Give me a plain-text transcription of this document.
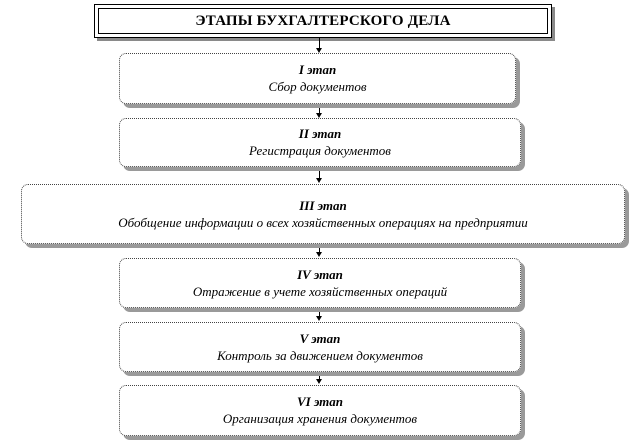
ЭТАПЫ БУХГАЛТЕРСКОГО ДЕЛА
I этап
Сбор документов
II этап
Регистрация документов
III этап
Обобщение информации о всех хозяйственных операциях на предприятии
IV этап
Отражение в учете хозяйственных операций
V этап
Контроль за движением документов
VI этап
Организация хранения документов
